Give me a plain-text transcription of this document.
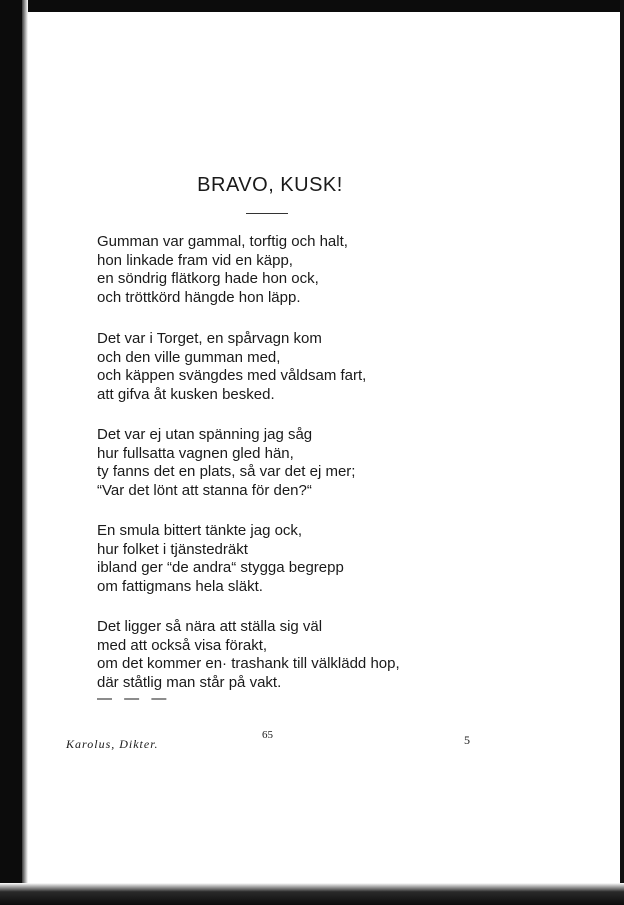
BRAVO, KUSK!
Gumman var gammal, torftig och halt,
hon linkade fram vid en käpp,
en söndrig flätkorg hade hon ock,
och tröttkörd hängde hon läpp.
Det var i Torget, en spårvagn kom
och den ville gumman med,
och käppen svängdes med våldsam fart,
att gifva åt kusken besked.
Det var ej utan spänning jag såg
hur fullsatta vagnen gled hän,
ty fanns det en plats, så var det ej mer;
“Var det lönt att stanna för den?“
En smula bittert tänkte jag ock,
hur folket i tjänstedräkt
ibland ger “de andra“ stygga begrepp
om fattigmans hela släkt.
Det ligger så nära att ställa sig väl
med att också visa förakt,
om det kommer en· trashank till välklädd hop,
där ståtlig man står på vakt.
— — —
Karolus, Dikter.
65	5
